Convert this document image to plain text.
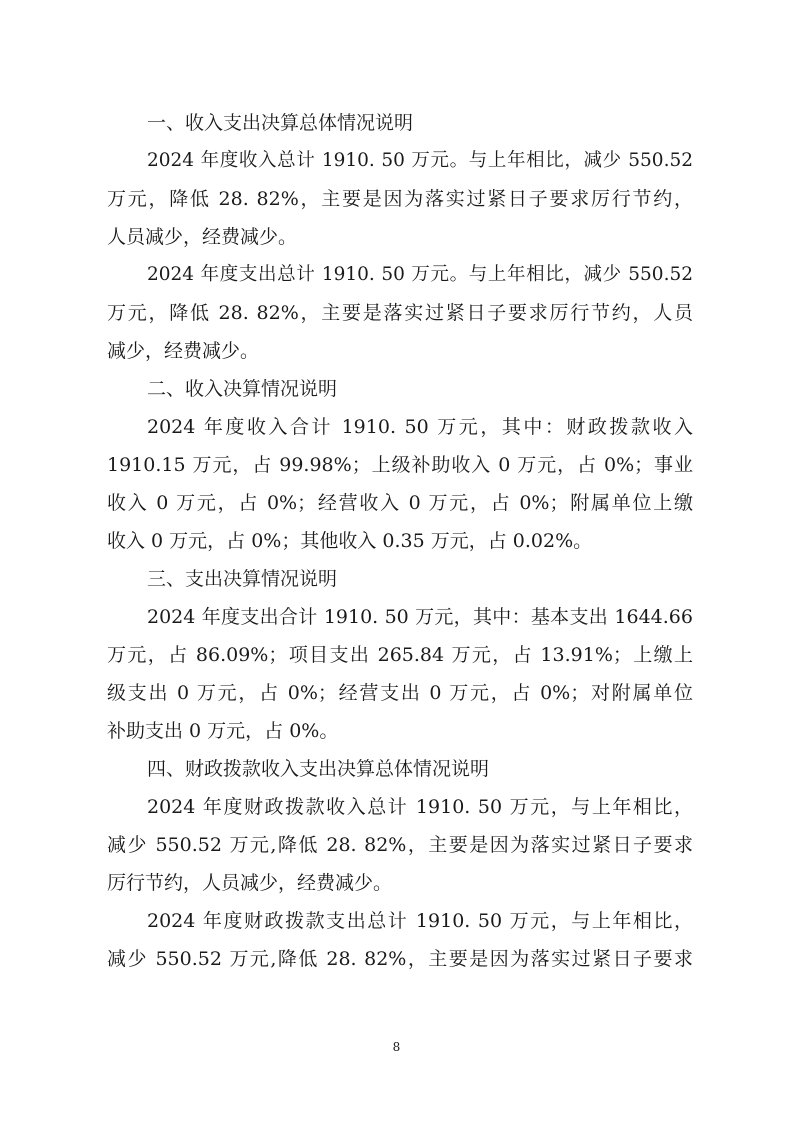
一、收入支出决算总体情况说明

2024 年度收入总计 1910. 50 万元。与上年相比，减少 550.52
万元，降低 28. 82%，主要是因为落实过紧日子要求厉行节约，
人员减少，经费减少。

2024 年度支出总计 1910. 50 万元。与上年相比，减少 550.52
万元，降低 28. 82%，主要是落实过紧日子要求厉行节约，人员
减少，经费减少。

二、收入决算情况说明

2024 年度收入合计 1910. 50 万元，其中：财政拨款收入
1910.15 万元，占 99.98%；上级补助收入 0 万元，占 0%；事业
收入 0 万元，占 0%；经营收入 0 万元，占 0%；附属单位上缴
收入 0 万元，占 0%；其他收入 0.35 万元，占 0.02%。

三、支出决算情况说明

2024 年度支出合计 1910. 50 万元，其中：基本支出 1644.66
万元，占 86.09%；项目支出 265.84 万元，占 13.91%；上缴上
级支出 0 万元，占 0%；经营支出 0 万元，占 0%；对附属单位
补助支出 0 万元，占 0%。

四、财政拨款收入支出决算总体情况说明

2024 年度财政拨款收入总计 1910. 50 万元，与上年相比，
减少 550.52 万元,降低 28. 82%，主要是因为落实过紧日子要求
厉行节约，人员减少，经费减少。

2024 年度财政拨款支出总计 1910. 50 万元，与上年相比，
减少 550.52 万元,降低 28. 82%，主要是因为落实过紧日子要求

8
